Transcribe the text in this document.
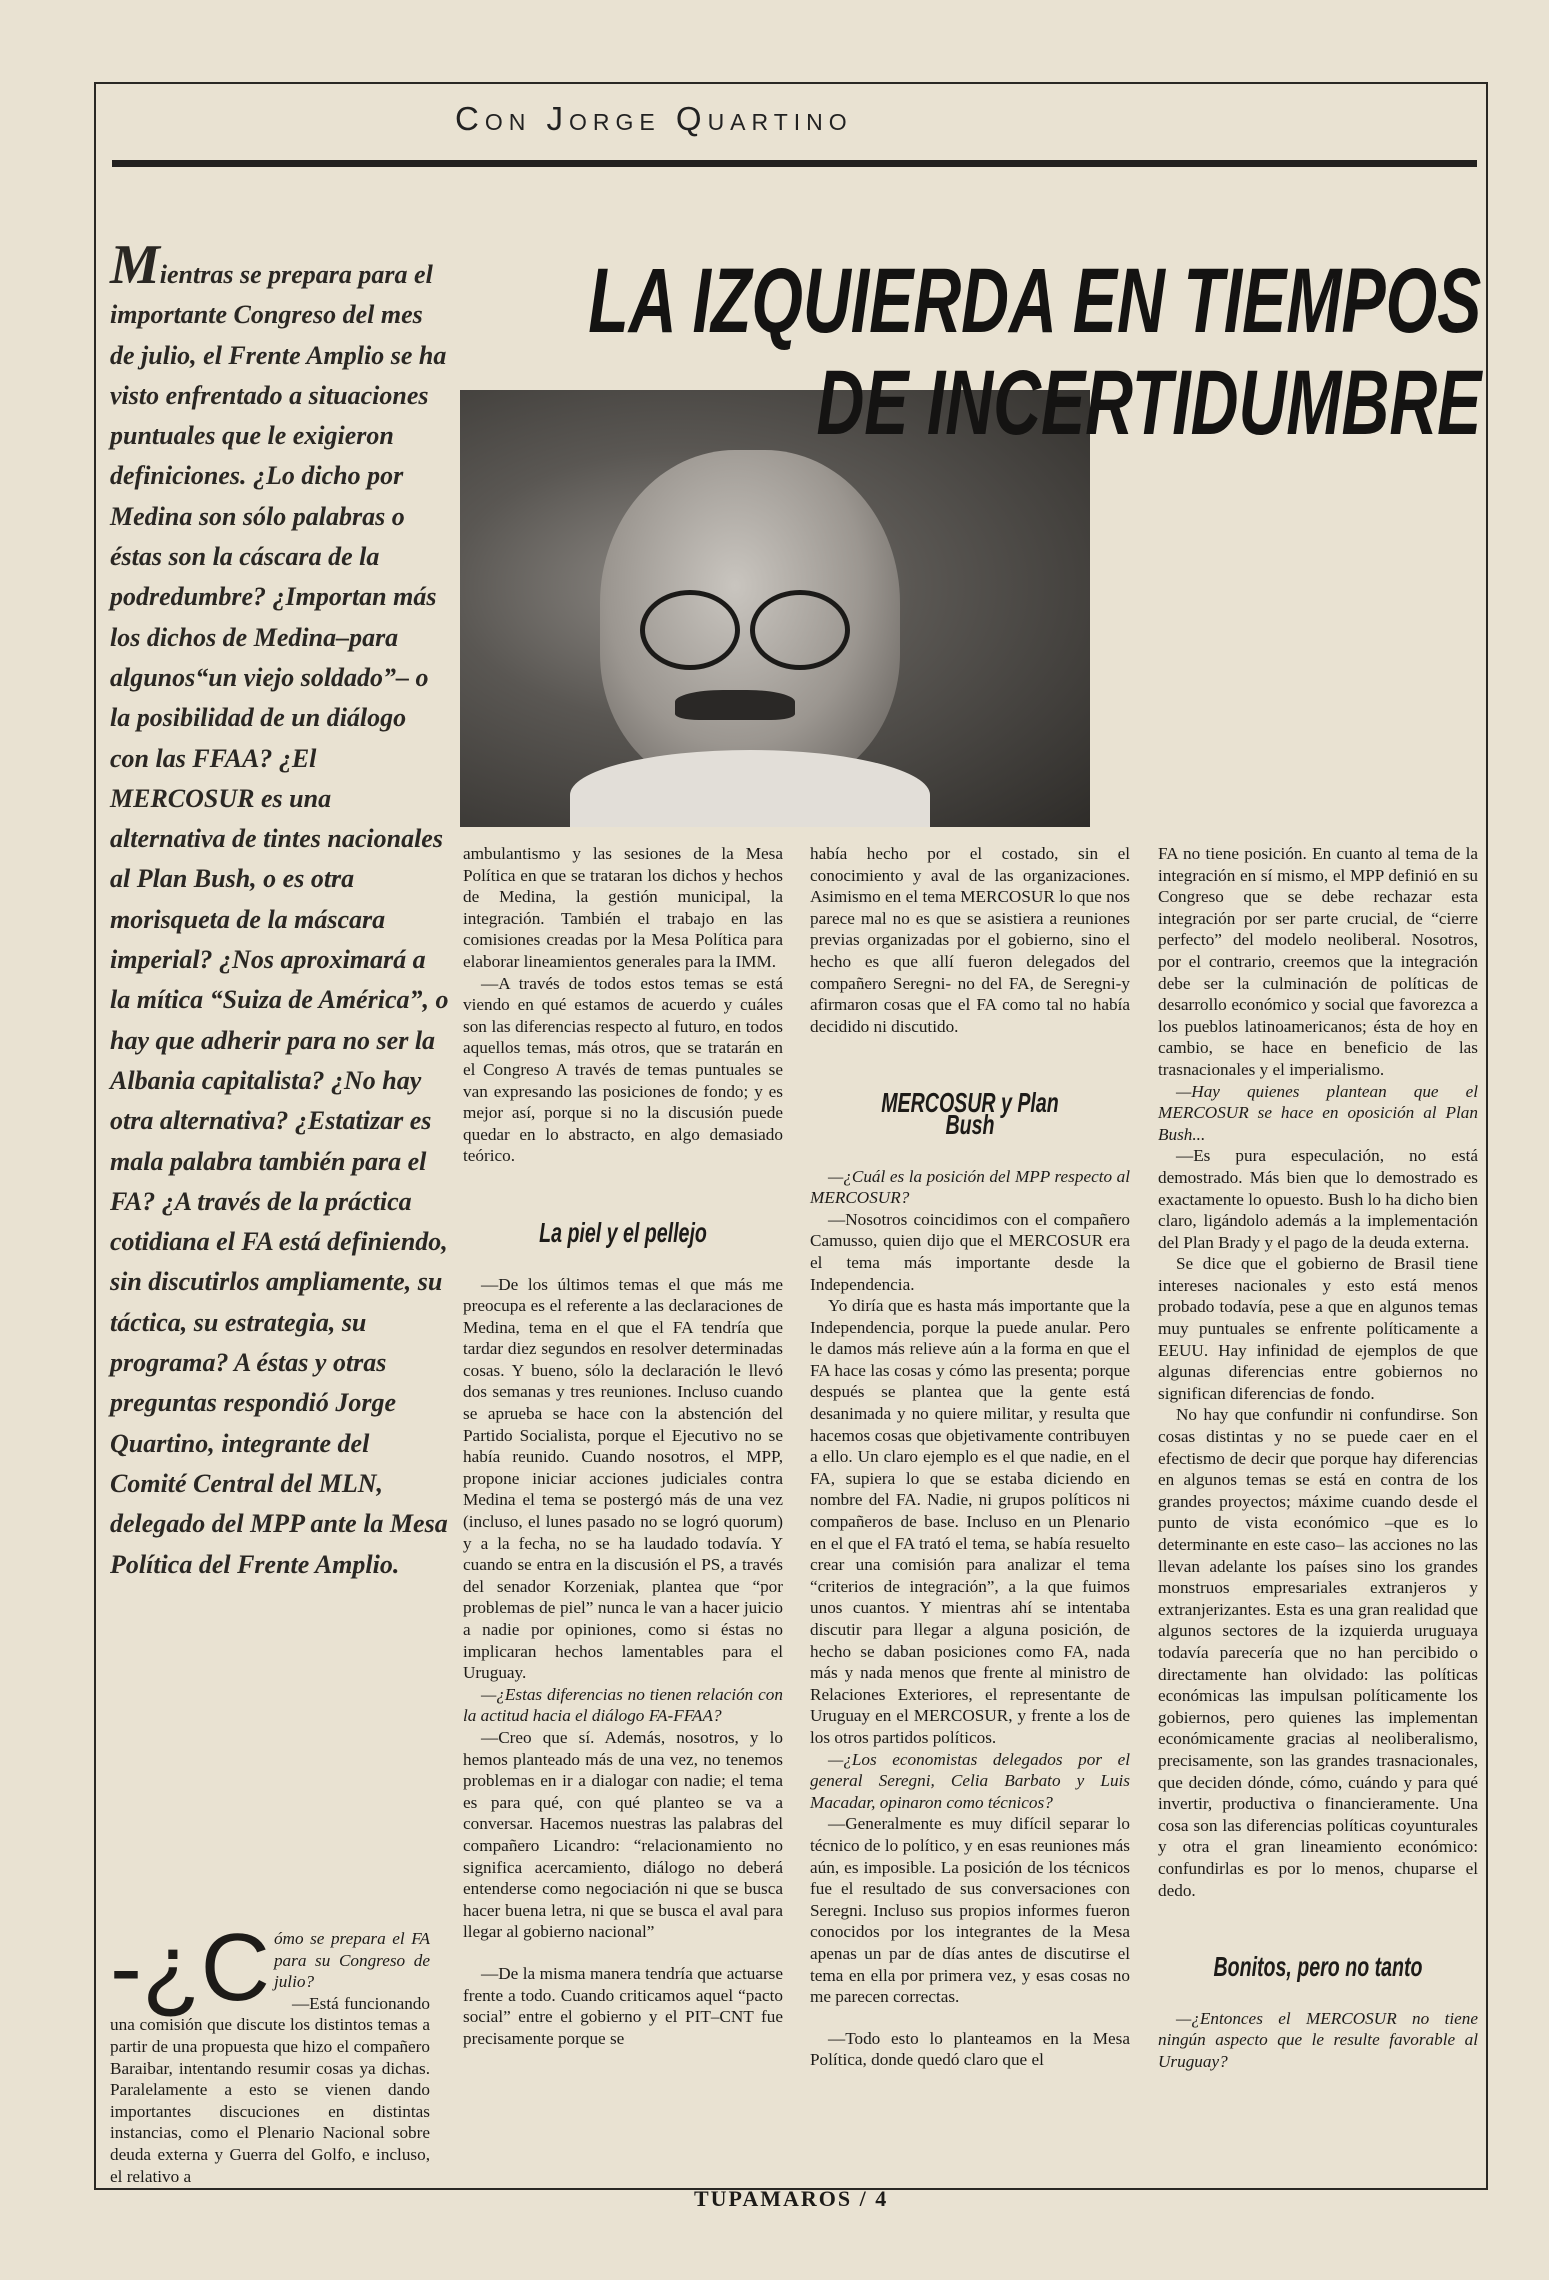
Con Jorge Quartino
Mientras se prepara para el importante Congreso del mes de julio, el Frente Amplio se ha visto enfrentado a situaciones puntuales que le exigieron definiciones. ¿Lo dicho por Medina son sólo palabras o éstas son la cáscara de la podredumbre? ¿Importan más los dichos de Medina–para algunos“un viejo soldado”– o la posibilidad de un diálogo con las FFAA? ¿El MERCOSUR es una alternativa de tintes nacionales al Plan Bush, o es otra morisqueta de la máscara imperial? ¿Nos aproximará a la mítica “Suiza de América”, o hay que adherir para no ser la Albania capitalista? ¿No hay otra alternativa? ¿Estatizar es mala palabra también para el FA? ¿A través de la práctica cotidiana el FA está definiendo, sin discutirlos ampliamente, su táctica, su estrategia, su programa? A éstas y otras preguntas respondió Jorge Quartino, integrante del Comité Central del MLN, delegado del MPP ante la Mesa Política del Frente Amplio.
LA IZQUIERDA EN TIEMPOS
DE INCERTIDUMBRE
-¿C ómo se prepara el FA para su Congreso de julio?

—Está funcionando una comisión que discute los distintos temas a partir de una propuesta que hizo el compañero Baraibar, intentando resumir cosas ya dichas. Paralelamente a esto se vienen dando importantes discuciones en distintas instancias, como el Plenario Nacional sobre deuda externa y Guerra del Golfo, e incluso, el relativo a

ambulantismo y las sesiones de la Mesa Política en que se trataran los dichos y hechos de Medina, la gestión municipal, la integración. También el trabajo en las comisiones creadas por la Mesa Política para elaborar lineamientos generales para la IMM.

—A través de todos estos temas se está viendo en qué estamos de acuerdo y cuáles son las diferencias respecto al futuro, en todos aquellos temas, más otros, que se tratarán en el Congreso A través de temas puntuales se van expresando las posiciones de fondo; y es mejor así, porque si no la discusión puede quedar en lo abstracto, en algo demasiado teórico.

La piel y el pellejo

—De los últimos temas el que más me preocupa es el referente a las declaraciones de Medina, tema en el que el FA tendría que tardar diez segundos en resolver determinadas cosas. Y bueno, sólo la declaración le llevó dos semanas y tres reuniones. Incluso cuando se aprueba se hace con la abstención del Partido Socialista, porque el Ejecutivo no se había reunido. Cuando nosotros, el MPP, propone iniciar acciones judiciales contra Medina el tema se postergó más de una vez (incluso, el lunes pasado no se logró quorum) y a la fecha, no se ha laudado todavía. Y cuando se entra en la discusión el PS, a través del senador Korzeniak, plantea que “por problemas de piel” nunca le van a hacer juicio a nadie por opiniones, como si éstas no implicaran hechos lamentables para el Uruguay.

—¿Estas diferencias no tienen relación con la actitud hacia el diálogo FA-FFAA?

—Creo que sí. Además, nosotros, y lo hemos planteado más de una vez, no tenemos problemas en ir a dialogar con nadie; el tema es para qué, con qué planteo se va a conversar. Hacemos nuestras las palabras del compañero Licandro: “relacionamiento no significa acercamiento, diálogo no deberá entenderse como negociación ni que se busca hacer buena letra, ni que se busca el aval para llegar al gobierno nacional”

—De la misma manera tendría que actuarse frente a todo. Cuando criticamos aquel “pacto social” entre el gobierno y el PIT–CNT fue precisamente porque se

había hecho por el costado, sin el conocimiento y aval de las organizaciones. Asimismo en el tema MERCOSUR lo que nos parece mal no es que se asistiera a reuniones previas organizadas por el gobierno, sino el hecho es que allí fueron delegados del compañero Seregni- no del FA, de Seregni-y afirmaron cosas que el FA como tal no había decidido ni discutido.

MERCOSUR y Plan Bush

—¿Cuál es la posición del MPP respecto al MERCOSUR?

—Nosotros coincidimos con el compañero Camusso, quien dijo que el MERCOSUR era el tema más importante desde la Independencia.

Yo diría que es hasta más importante que la Independencia, porque la puede anular. Pero le damos más relieve aún a la forma en que el FA hace las cosas y cómo las presenta; porque después se plantea que la gente está desanimada y no quiere militar, y resulta que hacemos cosas que objetivamente contribuyen a ello. Un claro ejemplo es el que nadie, en el FA, supiera lo que se estaba diciendo en nombre del FA. Nadie, ni grupos políticos ni compañeros de base. Incluso en un Plenario en el que el FA trató el tema, se había resuelto crear una comisión para analizar el tema “criterios de integración”, a la que fuimos unos cuantos. Y mientras ahí se intentaba discutir para llegar a alguna posición, de hecho se daban posiciones como FA, nada más y nada menos que frente al ministro de Relaciones Exteriores, el representante de Uruguay en el MERCOSUR, y frente a los de los otros partidos políticos.

—¿Los economistas delegados por el general Seregni, Celia Barbato y Luis Macadar, opinaron como técnicos?

—Generalmente es muy difícil separar lo técnico de lo político, y en esas reuniones más aún, es imposible. La posición de los técnicos fue el resultado de sus conversaciones con Seregni. Incluso sus propios informes fueron conocidos por los integrantes de la Mesa apenas un par de días antes de discutirse el tema en ella por primera vez, y esas cosas no me parecen correctas.

—Todo esto lo planteamos en la Mesa Política, donde quedó claro que el

FA no tiene posición. En cuanto al tema de la integración en sí mismo, el MPP definió en su Congreso que se debe rechazar esta integración por ser parte crucial, de “cierre perfecto” del modelo neoliberal. Nosotros, por el contrario, creemos que la integración debe ser la culminación de políticas de desarrollo económico y social que favorezca a los pueblos latinoamericanos; ésta de hoy en cambio, se hace en beneficio de las trasnacionales y el imperialismo.

—Hay quienes plantean que el MERCOSUR se hace en oposición al Plan Bush...

—Es pura especulación, no está demostrado. Más bien que lo demostrado es exactamente lo opuesto. Bush lo ha dicho bien claro, ligándolo además a la implementación del Plan Brady y el pago de la deuda externa.

Se dice que el gobierno de Brasil tiene intereses nacionales y esto está menos probado todavía, pese a que en algunos temas muy puntuales se enfrente políticamente a EEUU. Hay infinidad de ejemplos de que algunas diferencias entre gobiernos no significan diferencias de fondo.

No hay que confundir ni confundirse. Son cosas distintas y no se puede caer en el efectismo de decir que porque hay diferencias en algunos temas se está en contra de los grandes proyectos; máxime cuando desde el punto de vista económico –que es lo determinante en este caso– las acciones no las llevan adelante los países sino los grandes monstruos empresariales extranjeros y extranjerizantes. Esta es una gran realidad que algunos sectores de la izquierda uruguaya todavía parecería que no han percibido o directamente han olvidado: las políticas económicas las impulsan políticamente los gobiernos, pero quienes las implementan económicamente gracias al neoliberalismo, precisamente, son las grandes trasnacionales, que deciden dónde, cómo, cuándo y para qué invertir, productiva o financieramente. Una cosa son las diferencias políticas coyunturales y otra el gran lineamiento económico: confundirlas es por lo menos, chuparse el dedo.

Bonitos, pero no tanto

—¿Entonces el MERCOSUR no tiene ningún aspecto que le resulte favorable al Uruguay?

TUPAMAROS / 4
